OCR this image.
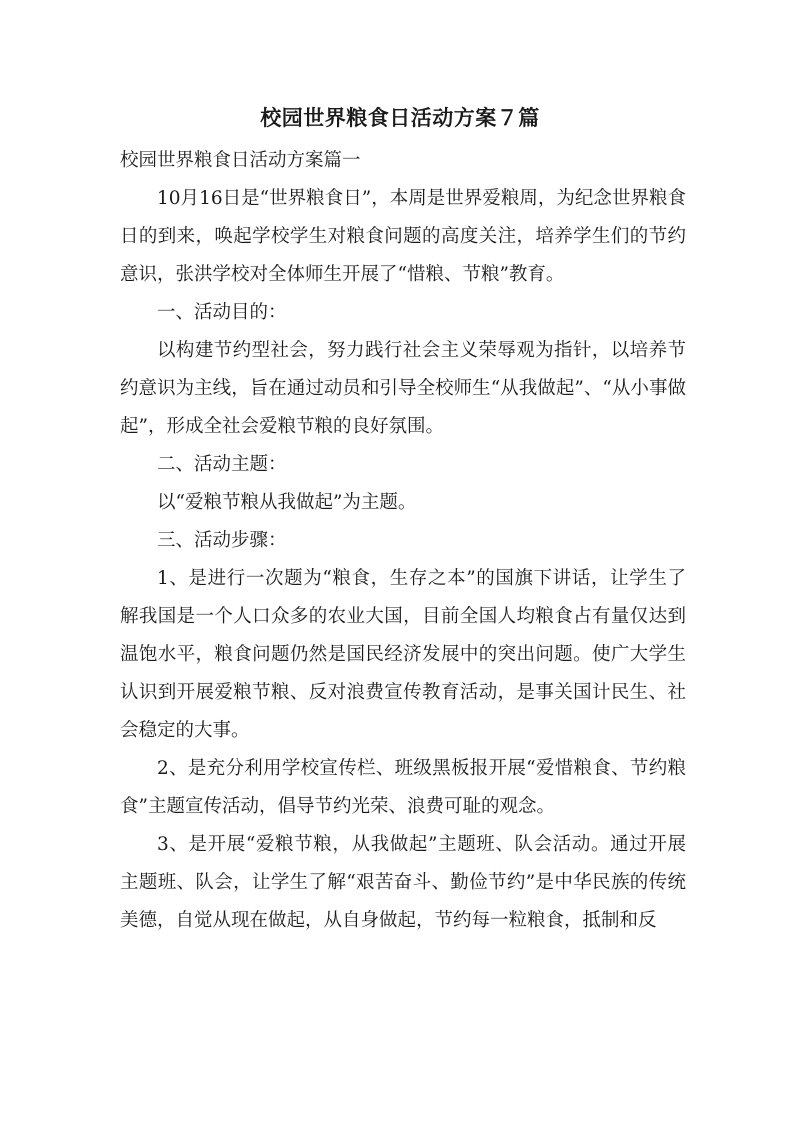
校园世界粮食日活动方案７篇

校园世界粮食日活动方案篇一

10月16日是“世界粮食日”，本周是世界爱粮周，为纪念世界粮食日的到来，唤起学校学生对粮食问题的高度关注，培养学生们的节约意识，张洪学校对全体师生开展了“惜粮、节粮”教育。

一、活动目的：

以构建节约型社会，努力践行社会主义荣辱观为指针，以培养节约意识为主线，旨在通过动员和引导全校师生“从我做起”、“从小事做起”，形成全社会爱粮节粮的良好氛围。

二、活动主题：

以“爱粮节粮从我做起”为主题。

三、活动步骤：

1、是进行一次题为“粮食，生存之本”的国旗下讲话，让学生了解我国是一个人口众多的农业大国，目前全国人均粮食占有量仅达到温饱水平，粮食问题仍然是国民经济发展中的突出问题。使广大学生认识到开展爱粮节粮、反对浪费宣传教育活动，是事关国计民生、社会稳定的大事。

2、是充分利用学校宣传栏、班级黑板报开展“爱惜粮食、节约粮食”主题宣传活动，倡导节约光荣、浪费可耻的观念。

3、是开展“爱粮节粮，从我做起”主题班、队会活动。通过开展主题班、队会，让学生了解“艰苦奋斗、勤俭节约”是中华民族的传统美德，自觉从现在做起，从自身做起，节约每一粒粮食，抵制和反
